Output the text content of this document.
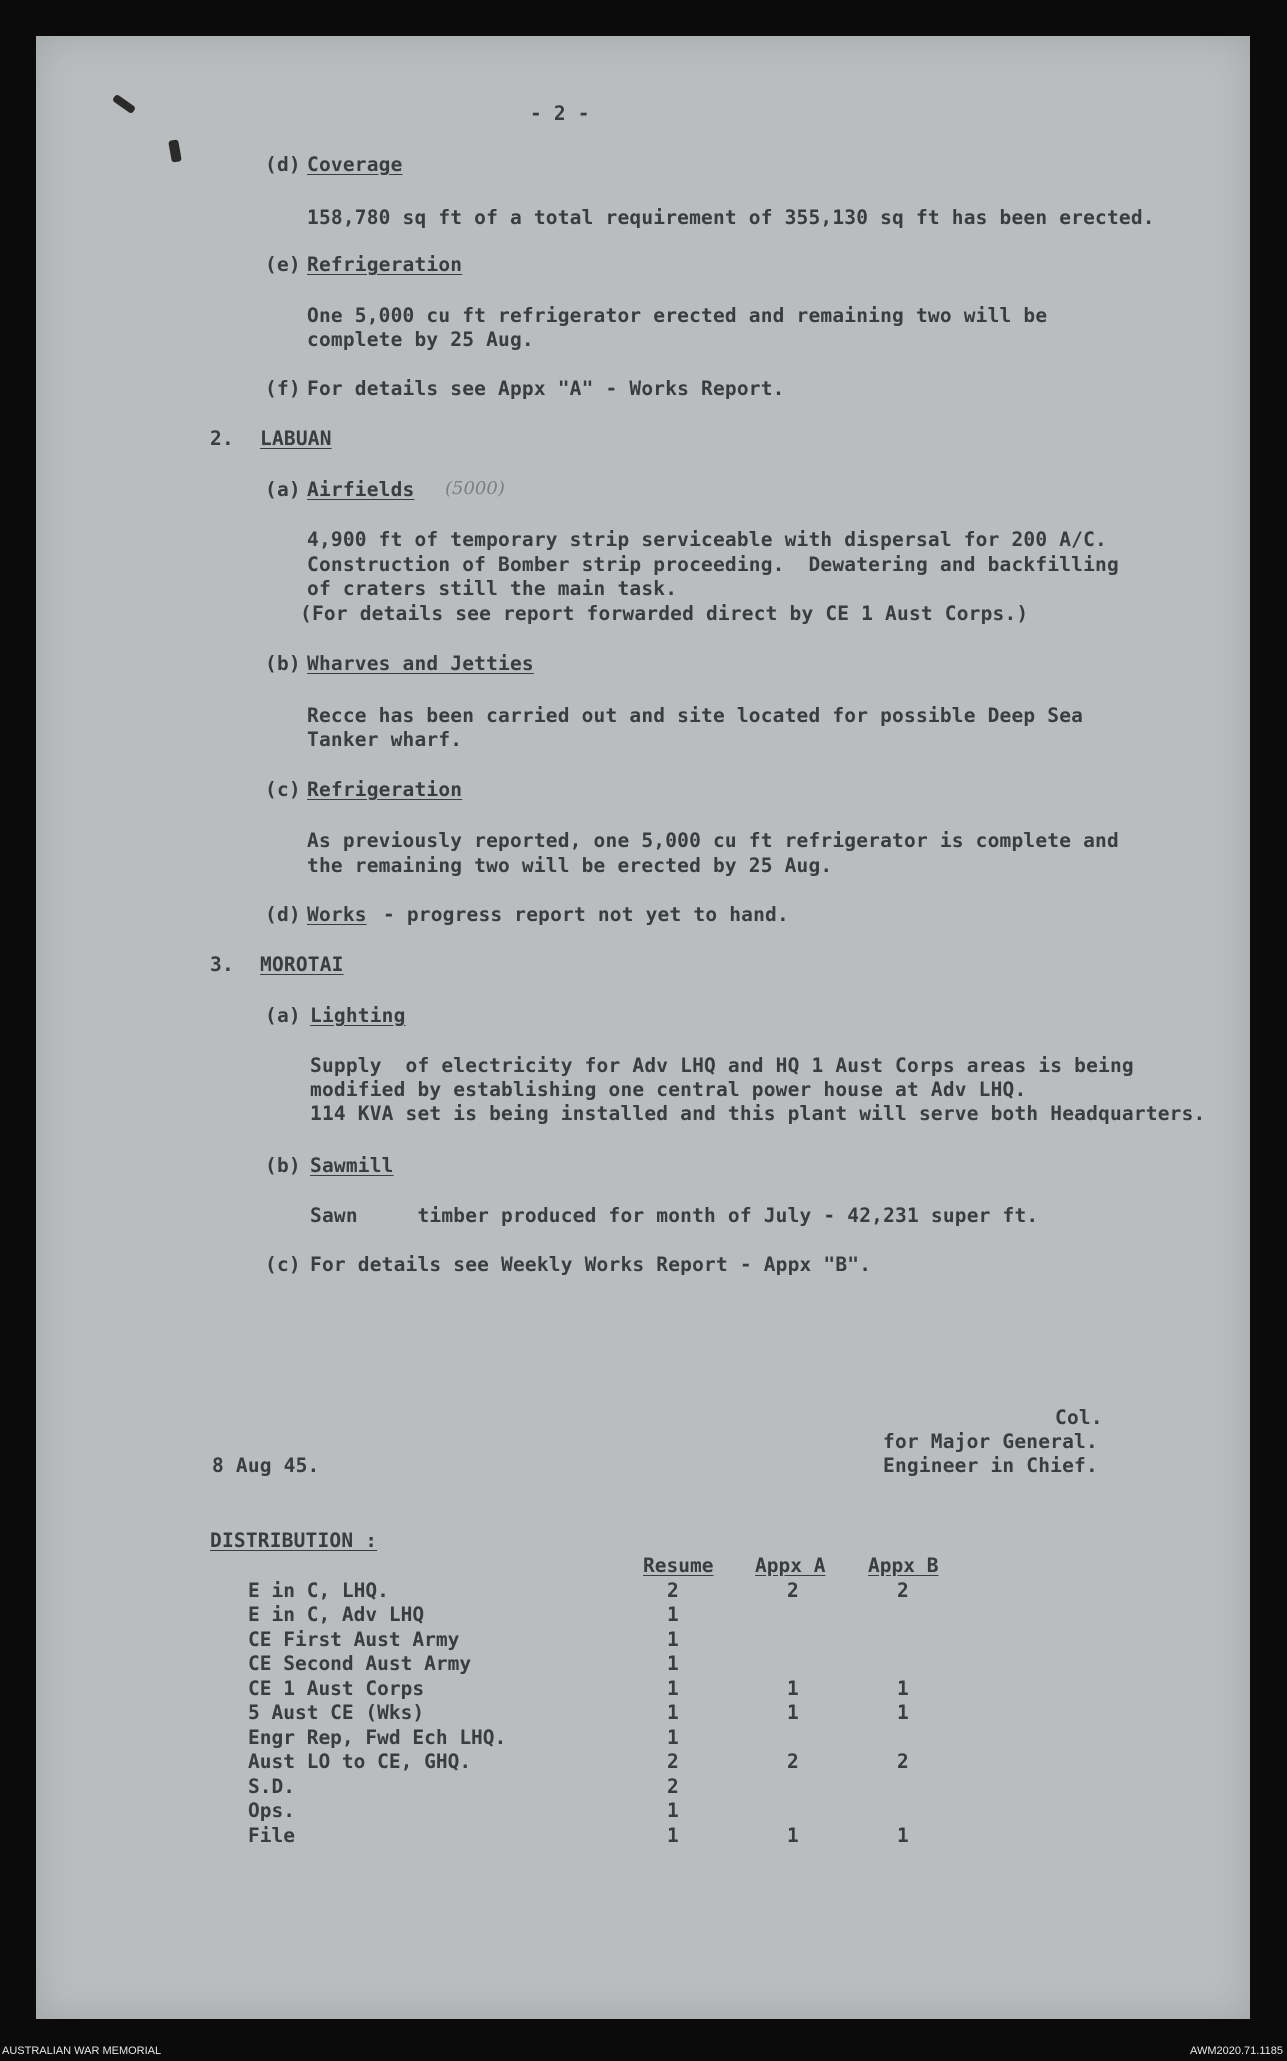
- 2 -
(d) Coverage
158,780 sq ft of a total requirement of 355,130 sq ft has been erected.
(e) Refrigeration
One 5,000 cu ft refrigerator erected and remaining two will be
complete by 25 Aug.
(f) For details see Appx "A" - Works Report.
2. LABUAN
(a) Airfields (5000)
4,900 ft of temporary strip serviceable with dispersal for 200 A/C.
Construction of Bomber strip proceeding.  Dewatering and backfilling
of craters still the main task.
(For details see report forwarded direct by CE 1 Aust Corps.)
(b) Wharves and Jetties
Recce has been carried out and site located for possible Deep Sea
Tanker wharf.
(c) Refrigeration
As previously reported, one 5,000 cu ft refrigerator is complete and
the remaining two will be erected by 25 Aug.
(d) Works - progress report not yet to hand.
3. MOROTAI
(a) Lighting
Supply  of electricity for Adv LHQ and HQ 1 Aust Corps areas is being
modified by establishing one central power house at Adv LHQ.
114 KVA set is being installed and this plant will serve both Headquarters.
(b) Sawmill
Sawn     timber produced for month of July - 42,231 super ft.
(c) For details see Weekly Works Report - Appx "B".
Col.
for Major General.
Engineer in Chief.
8 Aug 45.
DISTRIBUTION :
	Resume	Appx A	Appx B
E in C, LHQ.	2	2	2
E in C, Adv LHQ	1		
CE First Aust Army	1		
CE Second Aust Army	1		
CE 1 Aust Corps	1	1	1
5 Aust CE (Wks)	1	1	1
Engr Rep, Fwd Ech LHQ.	1		
Aust LO to CE, GHQ.	2	2	2
S.D.	2		
Ops.	1		
File	1	1	1
AUSTRALIAN WAR MEMORIAL	AWM2020.71.1185
